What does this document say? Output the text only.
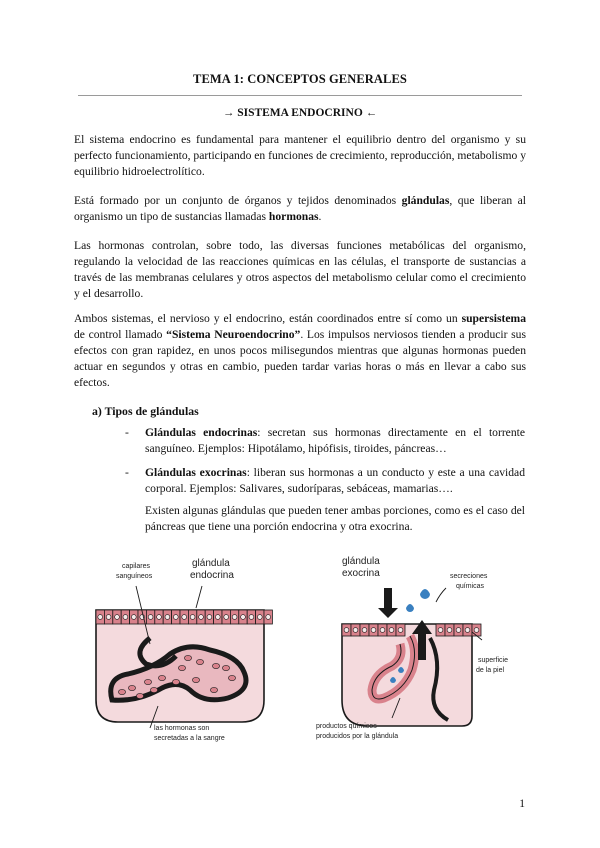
TEMA 1: CONCEPTOS GENERALES
→ SISTEMA ENDOCRINO ←

El sistema endocrino es fundamental para mantener el equilibrio dentro del organismo y su perfecto funcionamiento, participando en funciones de crecimiento, reproducción, metabolismo y equilibrio hidroelectrolítico.

Está formado por un conjunto de órganos y tejidos denominados glándulas, que liberan al organismo un tipo de sustancias llamadas hormonas.

Las hormonas controlan, sobre todo, las diversas funciones metabólicas del organismo, regulando la velocidad de las reacciones químicas en las células, el transporte de sustancias a través de las membranas celulares y otros aspectos del metabolismo celular como el crecimiento y el desarrollo.

Ambos sistemas, el nervioso y el endocrino, están coordinados entre sí como un supersistema de control llamado “Sistema Neuroendocrino”. Los impulsos nerviosos tienden a producir sus efectos con gran rapidez, en unos pocos milisegundos mientras que algunas hormonas pueden actuar en segundos y otras en cambio, pueden tardar varias horas o más en llevar a cabo sus efectos.

a) Tipos de glándulas
- Glándulas endocrinas: secretan sus hormonas directamente en el torrente sanguíneo. Ejemplos: Hipotálamo, hipófisis, tiroides, páncreas…
- Glándulas exocrinas: liberan sus hormonas a un conducto y este a una cavidad corporal. Ejemplos: Salivares, sudoríparas, sebáceas, mamarias….
Existen algunas glándulas que pueden tener ambas porciones, como es el caso del páncreas que tiene una porción endocrina y otra exocrina.
glándula
endocrina
capilares
sanguíneos
las hormonas son
secretadas a la sangre
glándula
exocrina	secreciones
químicas
superficie
de la piel
productos químicos
producidos por la glándula
1
